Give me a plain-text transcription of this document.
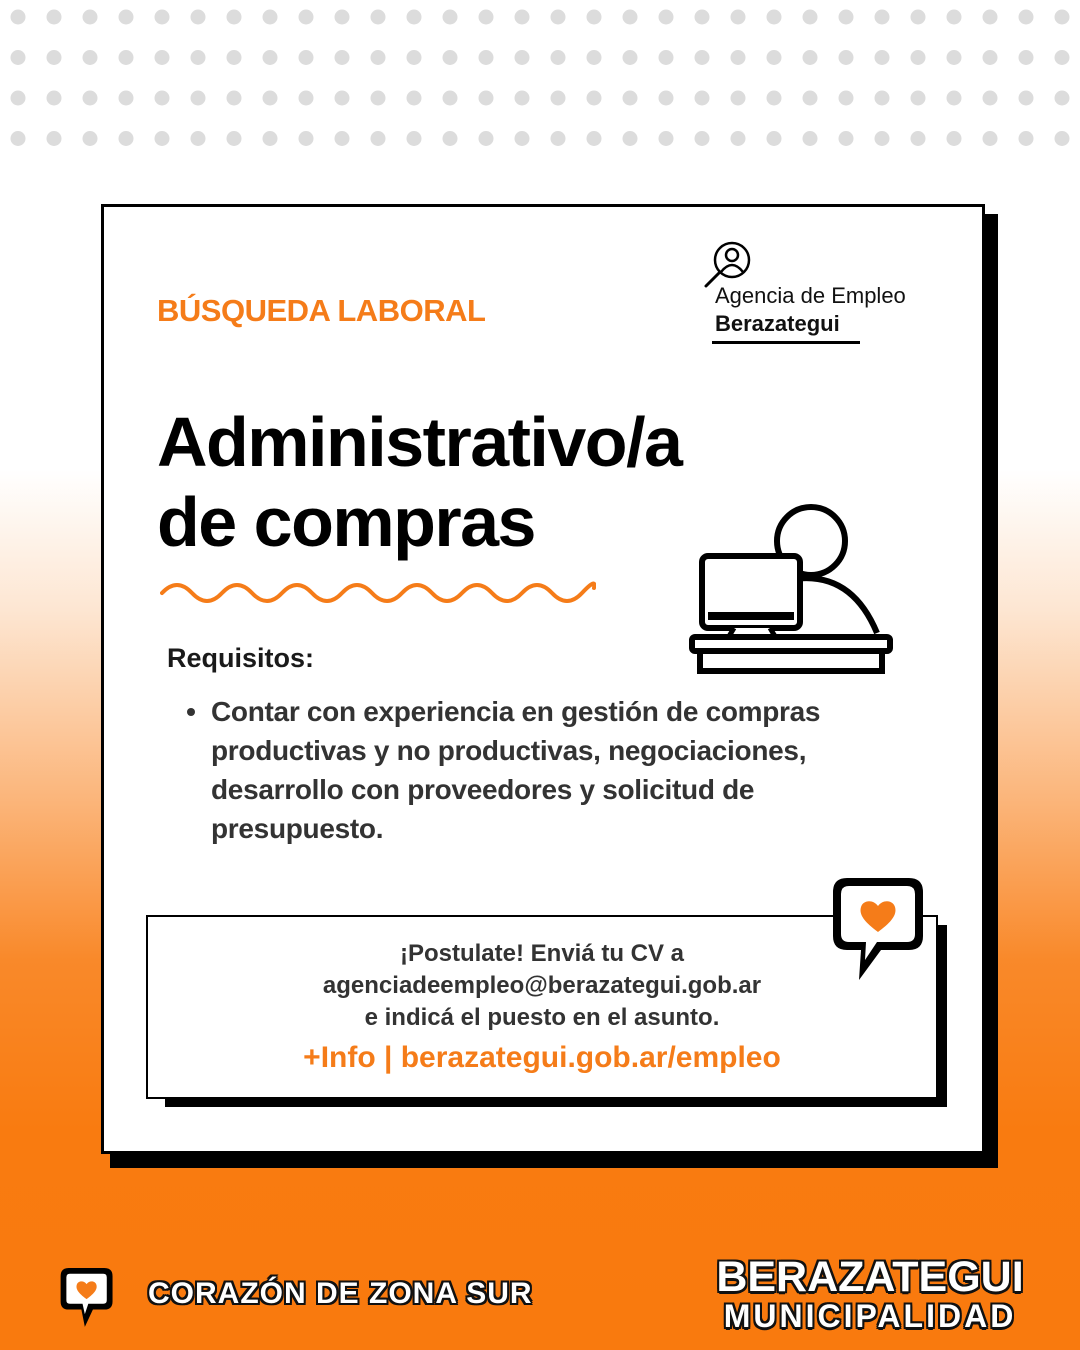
BÚSQUEDA LABORAL	Agencia de Empleo
Berazategui
Administrativo/a
de compras
Requisitos:
Contar con experiencia en gestión de compras productivas y no productivas, negociaciones, desarrollo con proveedores y solicitud de presupuesto.
¡Postulate! Enviá tu CV a
agenciadeempleo@berazategui.gob.ar
e indicá el puesto en el asunto.
+Info | berazategui.gob.ar/empleo
CORAZÓN DE ZONA SUR	BERAZATEGUI
MUNICIPALIDAD
